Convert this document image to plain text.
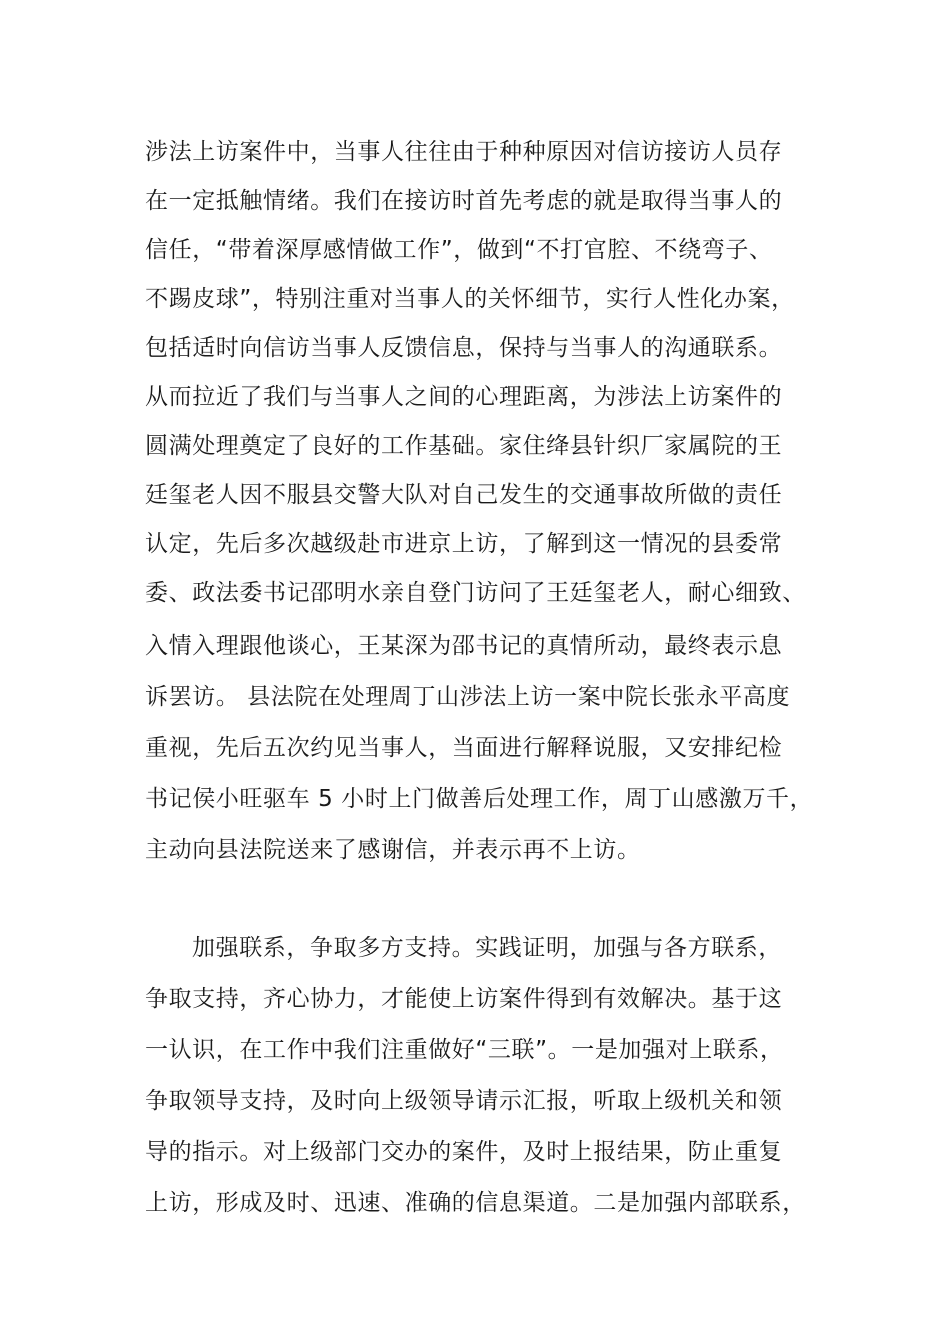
涉法上访案件中，当事人往往由于种种原因对信访接访人员存
在一定抵触情绪。我们在接访时首先考虑的就是取得当事人的
信任，“带着深厚感情做工作”，做到“不打官腔、不绕弯子、
不踢皮球”，特别注重对当事人的关怀细节，实行人性化办案，
包括适时向信访当事人反馈信息，保持与当事人的沟通联系。
从而拉近了我们与当事人之间的心理距离，为涉法上访案件的
圆满处理奠定了良好的工作基础。家住绛县针织厂家属院的王
廷玺老人因不服县交警大队对自己发生的交通事故所做的责任
认定，先后多次越级赴市进京上访，了解到这一情况的县委常
委、政法委书记邵明水亲自登门访问了王廷玺老人，耐心细致、
入情入理跟他谈心，王某深为邵书记的真情所动，最终表示息
诉罢访。 县法院在处理周丁山涉法上访一案中院长张永平高度
重视，先后五次约见当事人，当面进行解释说服，又安排纪检
书记侯小旺驱车 5 小时上门做善后处理工作，周丁山感激万千，
主动向县法院送来了感谢信，并表示再不上访。
加强联系，争取多方支持。实践证明，加强与各方联系，
争取支持，齐心协力，才能使上访案件得到有效解决。基于这
一认识，在工作中我们注重做好“三联”。一是加强对上联系，
争取领导支持，及时向上级领导请示汇报，听取上级机关和领
导的指示。对上级部门交办的案件，及时上报结果，防止重复
上访，形成及时、迅速、准确的信息渠道。二是加强内部联系，
